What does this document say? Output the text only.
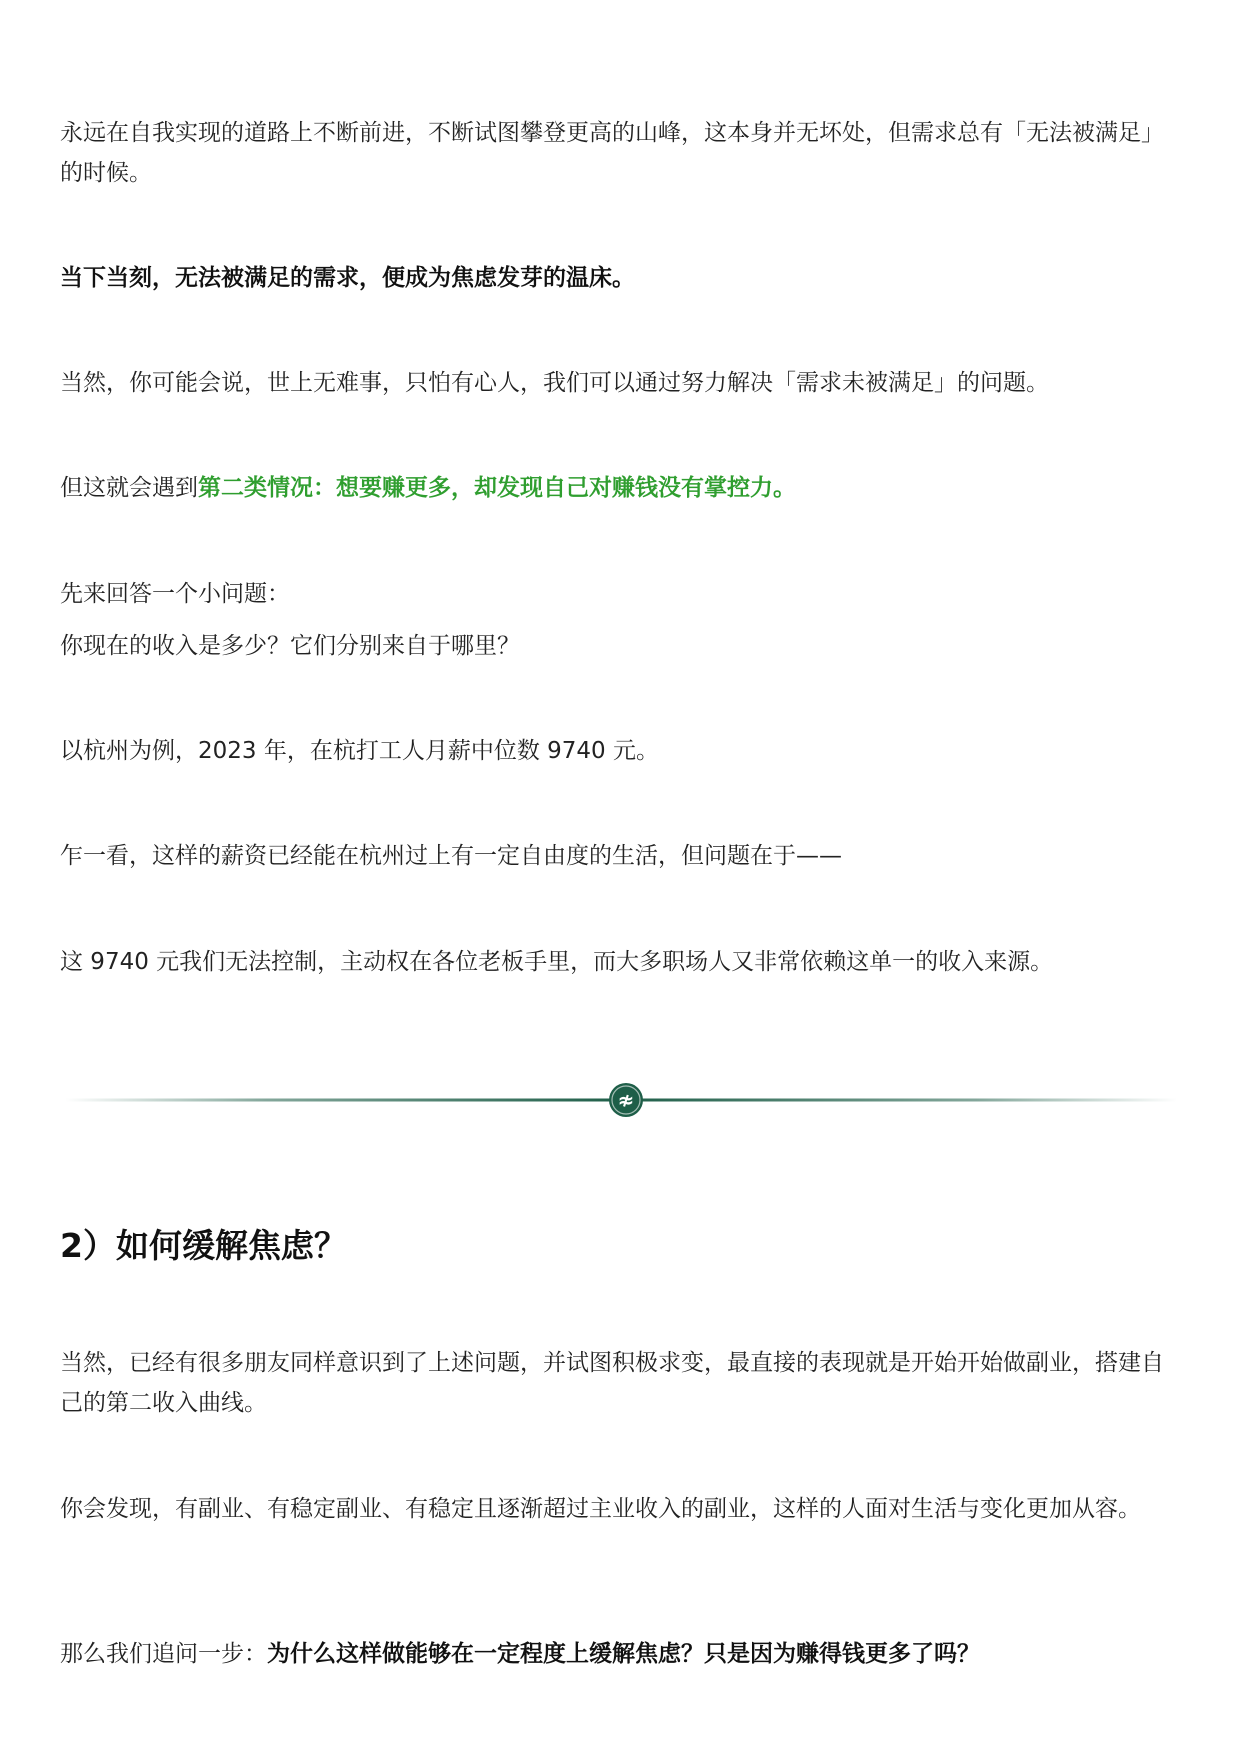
永远在自我实现的道路上不断前进，不断试图攀登更高的山峰，这本身并无坏处，但需求总有「无法被满足」的时候。

当下当刻，无法被满足的需求，便成为焦虑发芽的温床。

当然，你可能会说，世上无难事，只怕有心人，我们可以通过努力解决「需求未被满足」的问题。

但这就会遇到第二类情况：想要赚更多，却发现自己对赚钱没有掌控力。

先来回答一个小问题：

你现在的收入是多少？它们分别来自于哪里？

以杭州为例，2023 年，在杭打工人月薪中位数 9740 元。

乍一看，这样的薪资已经能在杭州过上有一定自由度的生活，但问题在于——

这 9740 元我们无法控制，主动权在各位老板手里，而大多职场人又非常依赖这单一的收入来源。

2）如何缓解焦虑？

当然，已经有很多朋友同样意识到了上述问题，并试图积极求变，最直接的表现就是开始开始做副业，搭建自己的第二收入曲线。

你会发现，有副业、有稳定副业、有稳定且逐渐超过主业收入的副业，这样的人面对生活与变化更加从容。

那么我们追问一步：为什么这样做能够在一定程度上缓解焦虑？只是因为赚得钱更多了吗？

≉
